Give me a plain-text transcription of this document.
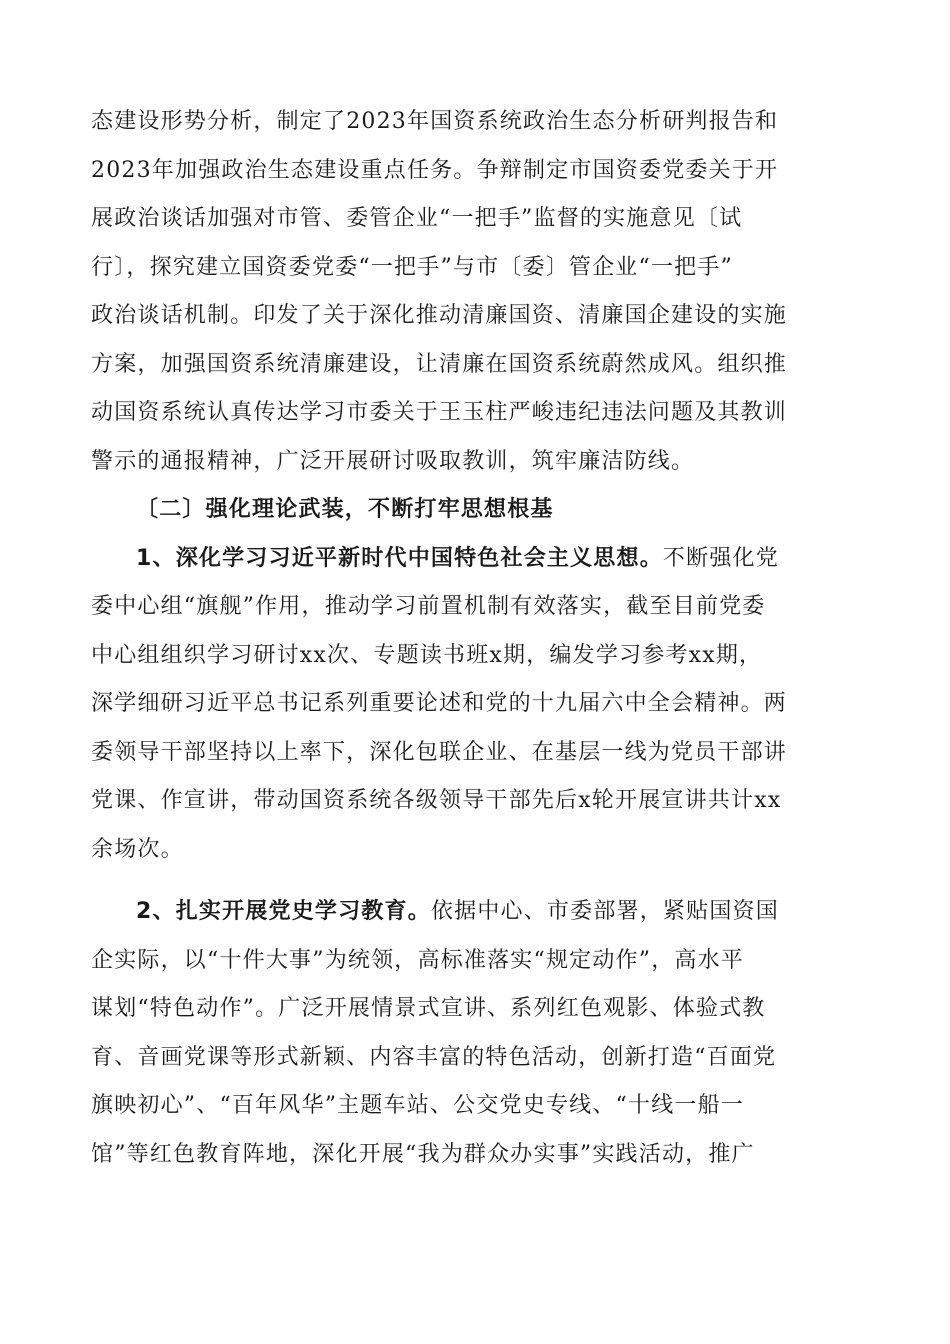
态建设形势分析，制定了2023年国资系统政治生态分析研判报告和
2023年加强政治生态建设重点任务。争辩制定市国资委党委关于开
展政治谈话加强对市管、委管企业“一把手”监督的实施意见〔试
行〕，探究建立国资委党委“一把手”与市〔委〕管企业“一把手”
政治谈话机制。印发了关于深化推动清廉国资、清廉国企建设的实施
方案，加强国资系统清廉建设，让清廉在国资系统蔚然成风。组织推
动国资系统认真传达学习市委关于王玉柱严峻违纪违法问题及其教训
警示的通报精神，广泛开展研讨吸取教训，筑牢廉洁防线。
〔二〕强化理论武装，不断打牢思想根基
1、深化学习习近平新时代中国特色社会主义思想。不断强化党
委中心组“旗舰”作用，推动学习前置机制有效落实，截至目前党委
中心组组织学习研讨xx次、专题读书班x期，编发学习参考xx期，
深学细研习近平总书记系列重要论述和党的十九届六中全会精神。两
委领导干部坚持以上率下，深化包联企业、在基层一线为党员干部讲
党课、作宣讲，带动国资系统各级领导干部先后x轮开展宣讲共计xx
余场次。
2、扎实开展党史学习教育。依据中心、市委部署，紧贴国资国
企实际，以“十件大事”为统领，高标准落实“规定动作”，高水平
谋划“特色动作”。广泛开展情景式宣讲、系列红色观影、体验式教
育、音画党课等形式新颖、内容丰富的特色活动，创新打造“百面党
旗映初心”、“百年风华”主题车站、公交党史专线、“十线一船一
馆”等红色教育阵地，深化开展“我为群众办实事”实践活动，推广
